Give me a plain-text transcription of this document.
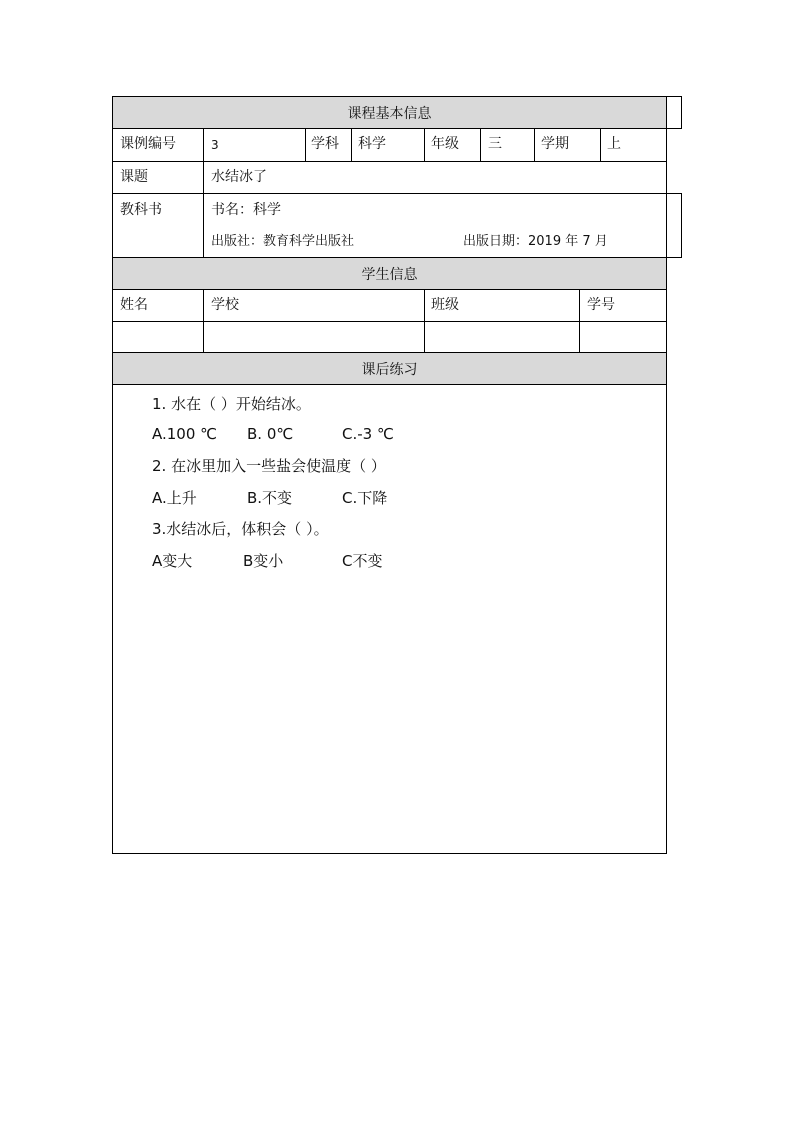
课程基本信息
学生信息
课后练习
课例编号	3	学科 科学	年级 三	学期	上
课题	水结冰了
教科书	书名：科学
出版社：教育科学出版社	出版日期：2019 年 7 月
姓名	学校	班级	学号
1. 水在（ ）开始结冰。
A.100 ℃ B. 0℃	C.-3 ℃
2. 在冰里加入一些盐会使温度（ ）
A.上升	B.不变	C.下降
3.水结冰后，体积会（ ）。
A变大	B变小	C不变
